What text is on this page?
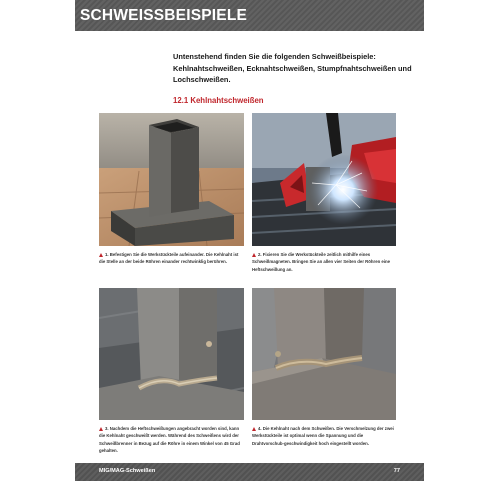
SCHWEISSBEISPIELE

Untenstehend finden Sie die folgenden Schweißbeispiele: Kehlnahtschweißen, Ecknahtschweißen, Stumpfnahtschweißen und Lochschweißen.

12.1 Kehlnahtschweißen

1. Befestigen Sie die Werkstückteile aufeinander. Die Kehlnaht ist die Stelle an der beide Röhren einander rechtwinklig berühren.

2. Fixieren Sie die Werkstückteile zeitlich mithilfe eines Schweißmagneten. Bringen Sie an allen vier Seiten der Röhren eine Heftschweißung an.

3. Nachdem die Heftschweißungen angebracht worden sind, kann die Kehlnaht geschweißt werden. Während des Schweißens wird der Schweißbrenner in Bezug auf die Röhre in einem Winkel von 45 Grad gehalten.

4. Die Kehlnaht nach dem Schweißen. Die Verschmelzung der zwei Werkstückteile ist optimal wenn die Spannung und die Drahtvorschub-geschwindigkeit hoch eingestellt worden.

MIG/MAG-Schweißen	77
